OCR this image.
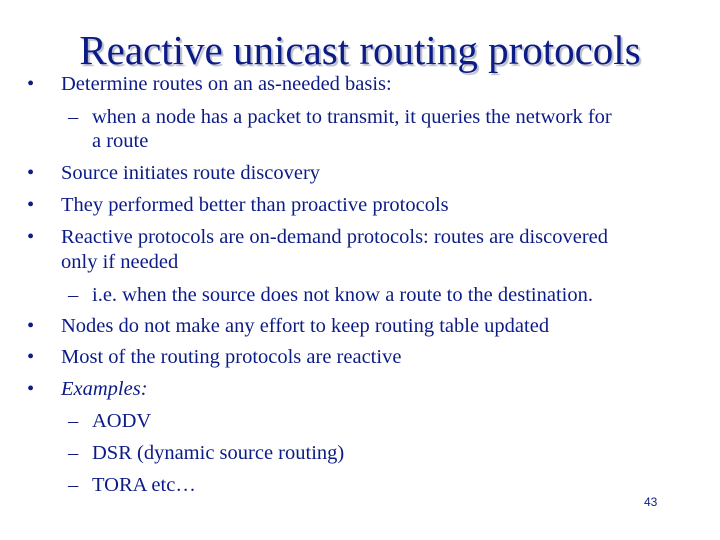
Reactive unicast routing protocols
• Determine routes on an as-needed basis:
– when a node has a packet to transmit, it queries the network for
a route
• Source initiates route discovery
• They performed better than proactive protocols
• Reactive protocols are on-demand protocols: routes are discovered
only if needed
– i.e. when the source does not know a route to the destination.
• Nodes do not make any effort to keep routing table updated
• Most of the routing protocols are reactive
• Examples:
– AODV
– DSR (dynamic source routing)
– TORA etc…
43
